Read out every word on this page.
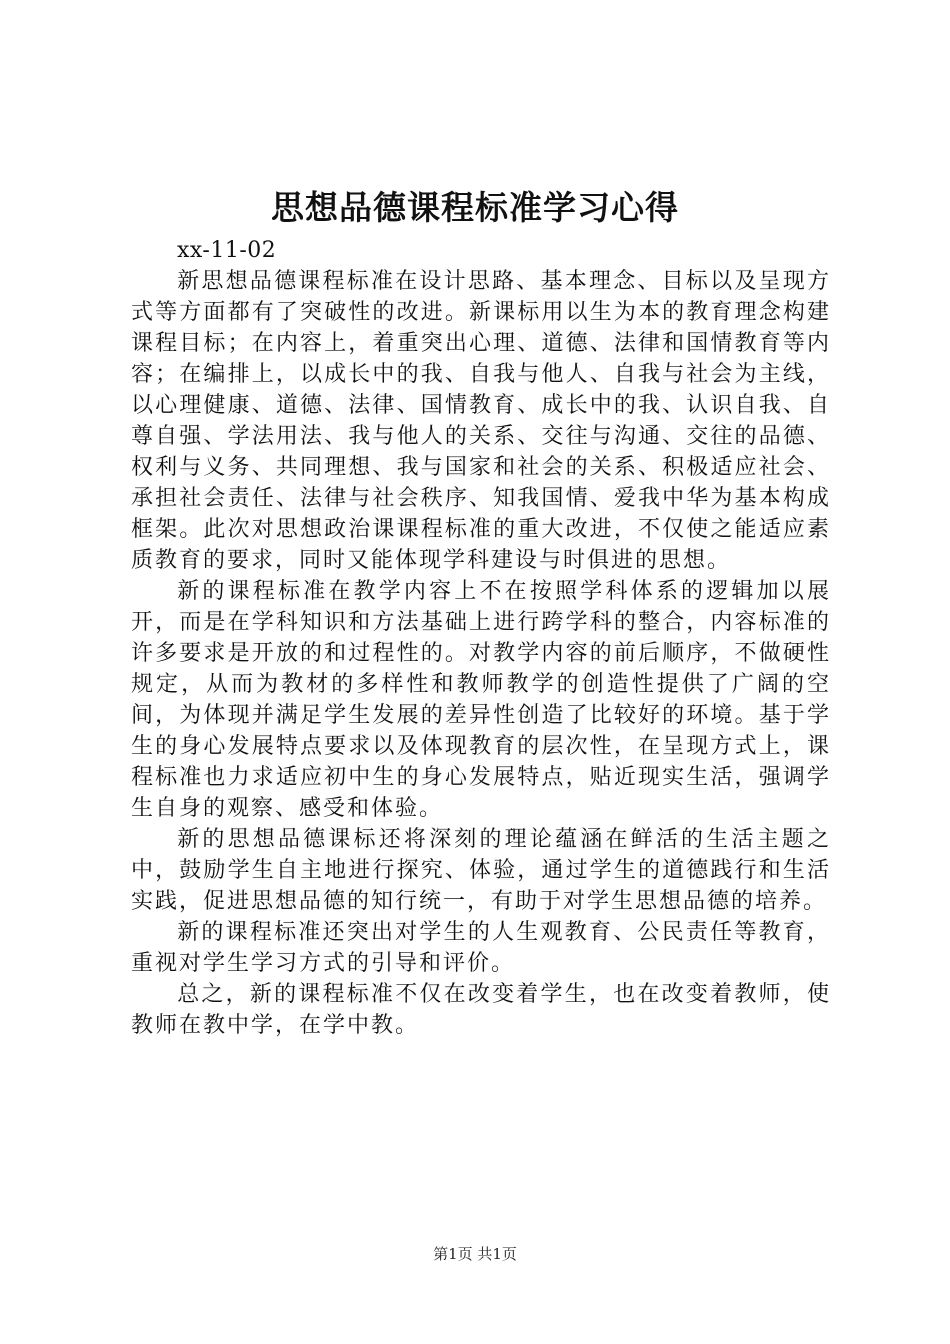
思想品德课程标准学习心得

xx-11-02

新思想品德课程标准在设计思路、基本理念、目标以及呈现方式等方面都有了突破性的改进。新课标用以生为本的教育理念构建课程目标；在内容上，着重突出心理、道德、法律和国情教育等内容；在编排上，以成长中的我、自我与他人、自我与社会为主线，以心理健康、道德、法律、国情教育、成长中的我、认识自我、自尊自强、学法用法、我与他人的关系、交往与沟通、交往的品德、权利与义务、共同理想、我与国家和社会的关系、积极适应社会、承担社会责任、法律与社会秩序、知我国情、爱我中华为基本构成框架。此次对思想政治课课程标准的重大改进，不仅使之能适应素质教育的要求，同时又能体现学科建设与时俱进的思想。

新的课程标准在教学内容上不在按照学科体系的逻辑加以展开，而是在学科知识和方法基础上进行跨学科的整合，内容标准的许多要求是开放的和过程性的。对教学内容的前后顺序，不做硬性规定，从而为教材的多样性和教师教学的创造性提供了广阔的空间，为体现并满足学生发展的差异性创造了比较好的环境。基于学生的身心发展特点要求以及体现教育的层次性，在呈现方式上，课程标准也力求适应初中生的身心发展特点，贴近现实生活，强调学生自身的观察、感受和体验。

新的思想品德课标还将深刻的理论蕴涵在鲜活的生活主题之中，鼓励学生自主地进行探究、体验，通过学生的道德践行和生活实践，促进思想品德的知行统一，有助于对学生思想品德的培养。

新的课程标准还突出对学生的人生观教育、公民责任等教育，重视对学生学习方式的引导和评价。

总之，新的课程标准不仅在改变着学生，也在改变着教师，使教师在教中学，在学中教。

第1页 共1页
